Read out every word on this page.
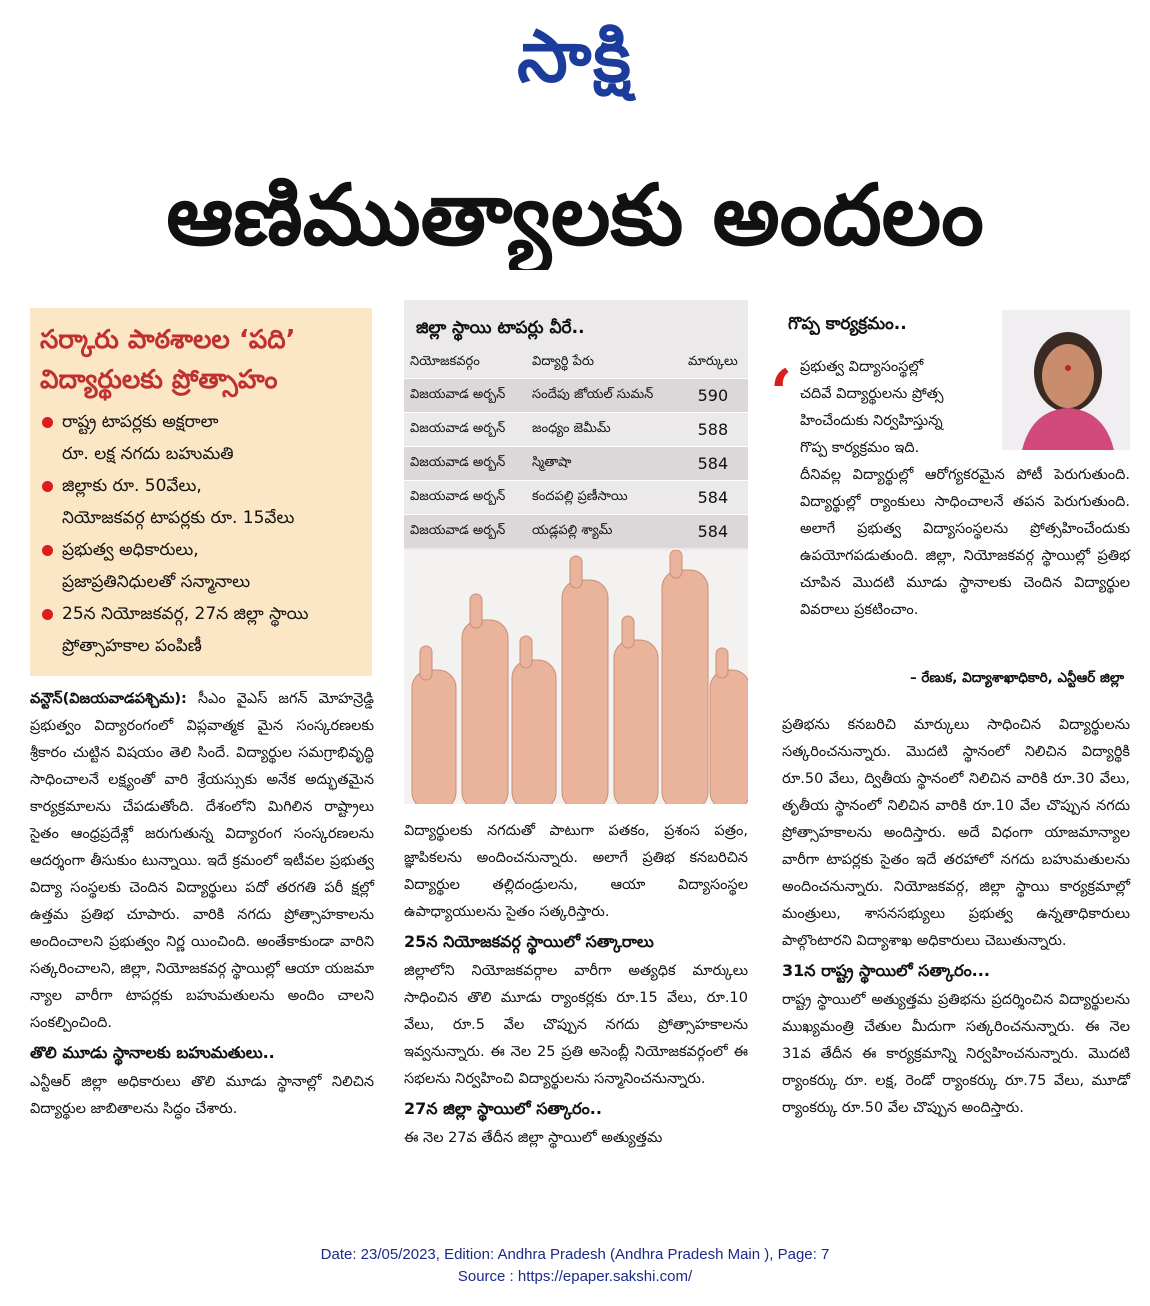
సాక్షి
ఆణిముత్యాలకు అందలం
సర్కారు పాఠశాలల ‘పది’
విద్యార్థులకు ప్రోత్సాహం
రాష్ట్ర టాపర్లకు అక్షరాలా
రూ. లక్ష నగదు బహుమతి
జిల్లాకు రూ. 50వేలు,
నియోజకవర్గ టాపర్లకు రూ. 15వేలు
ప్రభుత్వ అధికారులు,
ప్రజాప్రతినిధులతో సన్మానాలు
25న నియోజకవర్గ, 27న జిల్లా స్థాయి
ప్రోత్సాహకాల పంపిణీ
జిల్లా స్థాయి టాపర్లు వీరే..
నియోజకవర్గం	విద్యార్థి పేరు	మార్కులు
విజయవాడ అర్బన్	సందేపు జోయల్ సుమన్	590
విజయవాడ అర్బన్	జంధ్యం జెమీమ్	588
విజయవాడ అర్బన్	స్మితాషా	584
విజయవాడ అర్బన్	కందపల్లి ప్రణీసాయి	584
విజయవాడ అర్బన్	యడ్లపల్లి శ్యామ్	584
గొప్ప కార్యక్రమం..
‘ ప్రభుత్వ విద్యాసంస్థల్లో
చదివే విద్యార్థులను ప్రోత్స
హించేందుకు నిర్వహిస్తున్న
గొప్ప కార్యక్రమం ఇది.
దీనివల్ల విద్యార్థుల్లో ఆరోగ్యకరమైన పోటీ పెరుగుతుంది. విద్యార్థుల్లో ర్యాంకులు సాధించాలనే తపన పెరుగుతుంది. అలాగే ప్రభుత్వ విద్యాసంస్థలను ప్రోత్సహించేందుకు ఉపయోగపడుతుంది. జిల్లా, నియోజకవర్గ స్థాయిల్లో ప్రతిభ చూపిన మొదటి మూడు స్థానాలకు చెందిన విద్యార్థుల వివరాలు ప్రకటించాం.
– రేణుక, విద్యాశాఖాధికారి, ఎన్టీఆర్ జిల్లా

వన్టౌన్(విజయవాడపశ్చిమ): సీఎం వైఎస్ జగన్ మోహన్రెడ్డి ప్రభుత్వం విద్యారంగంలో విప్లవాత్మక మైన సంస్కరణలకు శ్రీకారం చుట్టిన విషయం తెలి సిందే. విద్యార్థుల సమగ్రాభివృద్ధి సాధించాలనే లక్ష్యంతో వారి శ్రేయస్సుకు అనేక అద్భుతమైన కార్యక్రమాలను చేపడుతోంది. దేశంలోని మిగిలిన రాష్ట్రాలు సైతం ఆంధ్రప్రదేశ్లో జరుగుతున్న విద్యారంగ సంస్కరణలను ఆదర్శంగా తీసుకుం టున్నాయి. ఇదే క్రమంలో ఇటీవల ప్రభుత్వ విద్యా సంస్థలకు చెందిన విద్యార్థులు పదో తరగతి పరీ క్షల్లో ఉత్తమ ప్రతిభ చూపారు. వారికి నగదు ప్రోత్సాహకాలను అందించాలని ప్రభుత్వం నిర్ణ యించింది. అంతేకాకుండా వారిని సత్కరించాలని, జిల్లా, నియోజకవర్గ స్థాయిల్లో ఆయా యజమా న్యాల వారీగా టాపర్లకు బహుమతులను అందిం చాలని సంకల్పించింది.

తొలి మూడు స్థానాలకు బహుమతులు..

ఎన్టీఆర్ జిల్లా అధికారులు తొలి మూడు స్థానాల్లో నిలిచిన విద్యార్థుల జాబితాలను సిద్ధం చేశారు.

విద్యార్థులకు నగదుతో పాటుగా పతకం, ప్రశంస పత్రం, జ్ఞాపికలను అందించనున్నారు. అలాగే ప్రతిభ కనబరిచిన విద్యార్థుల తల్లిదండ్రులను, ఆయా విద్యాసంస్థల ఉపాధ్యాయులను సైతం సత్కరిస్తారు.

25న నియోజకవర్గ స్థాయిలో సత్కారాలు

జిల్లాలోని నియోజకవర్గాల వారీగా అత్యధిక మార్కులు సాధించిన తొలి మూడు ర్యాంకర్లకు రూ.15 వేలు, రూ.10 వేలు, రూ.5 వేల చొప్పున నగదు ప్రోత్సాహకాలను ఇవ్వనున్నారు. ఈ నెల 25 ప్రతి అసెంబ్లీ నియోజకవర్గంలో ఈ సభలను నిర్వహించి విద్యార్థులను సన్మానించనున్నారు.

27న జిల్లా స్థాయిలో సత్కారం..

ఈ నెల 27వ తేదీన జిల్లా స్థాయిలో అత్యుత్తమ

ప్రతిభను కనబరిచి మార్కులు సాధించిన విద్యార్థులను సత్కరించనున్నారు. మొదటి స్థానంలో నిలిచిన విద్యార్థికి రూ.50 వేలు, ద్వితీయ స్థానంలో నిలిచిన వారికి రూ.30 వేలు, తృతీయ స్థానంలో నిలిచిన వారికి రూ.10 వేల చొప్పున నగదు ప్రోత్సాహకాలను అందిస్తారు. అదే విధంగా యాజమాన్యాల వారీగా టాపర్లకు సైతం ఇదే తరహాలో నగదు బహుమతులను అందించనున్నారు. నియోజకవర్గ, జిల్లా స్థాయి కార్యక్రమాల్లో మంత్రులు, శాసనసభ్యులు ప్రభుత్వ ఉన్నతాధికారులు పాల్గొంటారని విద్యాశాఖ అధికారులు చెబుతున్నారు.

31న రాష్ట్ర స్థాయిలో సత్కారం...

రాష్ట్ర స్థాయిలో అత్యుత్తమ ప్రతిభను ప్రదర్శించిన విద్యార్థులను ముఖ్యమంత్రి చేతుల మీదుగా సత్కరించనున్నారు. ఈ నెల 31వ తేదీన ఈ కార్యక్రమాన్ని నిర్వహించనున్నారు. మొదటి ర్యాంకర్కు రూ. లక్ష, రెండో ర్యాంకర్కు రూ.75 వేలు, మూడో ర్యాంకర్కు రూ.50 వేల చొప్పున అందిస్తారు.

Date: 23/05/2023, Edition: Andhra Pradesh (Andhra Pradesh Main ), Page: 7
Source : https://epaper.sakshi.com/
